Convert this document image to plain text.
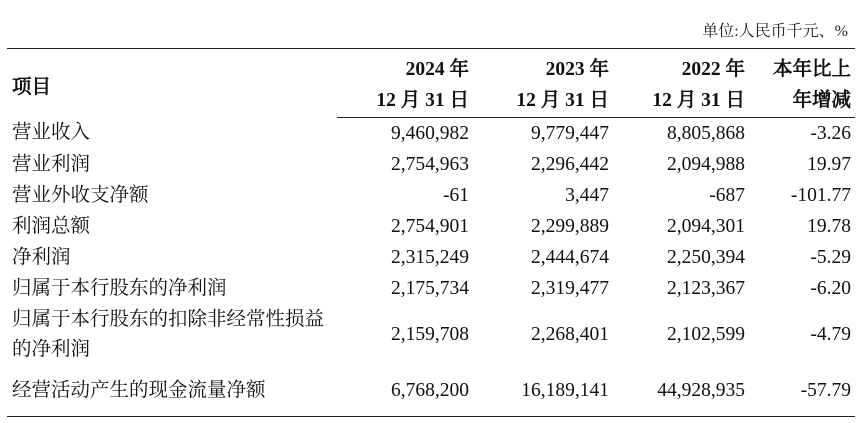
单位:人民币千元、%
项目	2024 年	2023 年	2022 年	本年比上
	12 月 31 日	12 月 31 日	12 月 31 日	年增减
营业收入	9,460,982	9,779,447	8,805,868	-3.26
营业利润	2,754,963	2,296,442	2,094,988	19.97
营业外收支净额	-61	3,447	-687	-101.77
利润总额	2,754,901	2,299,889	2,094,301	19.78
净利润	2,315,249	2,444,674	2,250,394	-5.29
归属于本行股东的净利润	2,175,734	2,319,477	2,123,367	-6.20
归属于本行股东的扣除非经常性损益的净利润	2,159,708	2,268,401	2,102,599	-4.79
经营活动产生的现金流量净额	6,768,200	16,189,141	44,928,935	-57.79
